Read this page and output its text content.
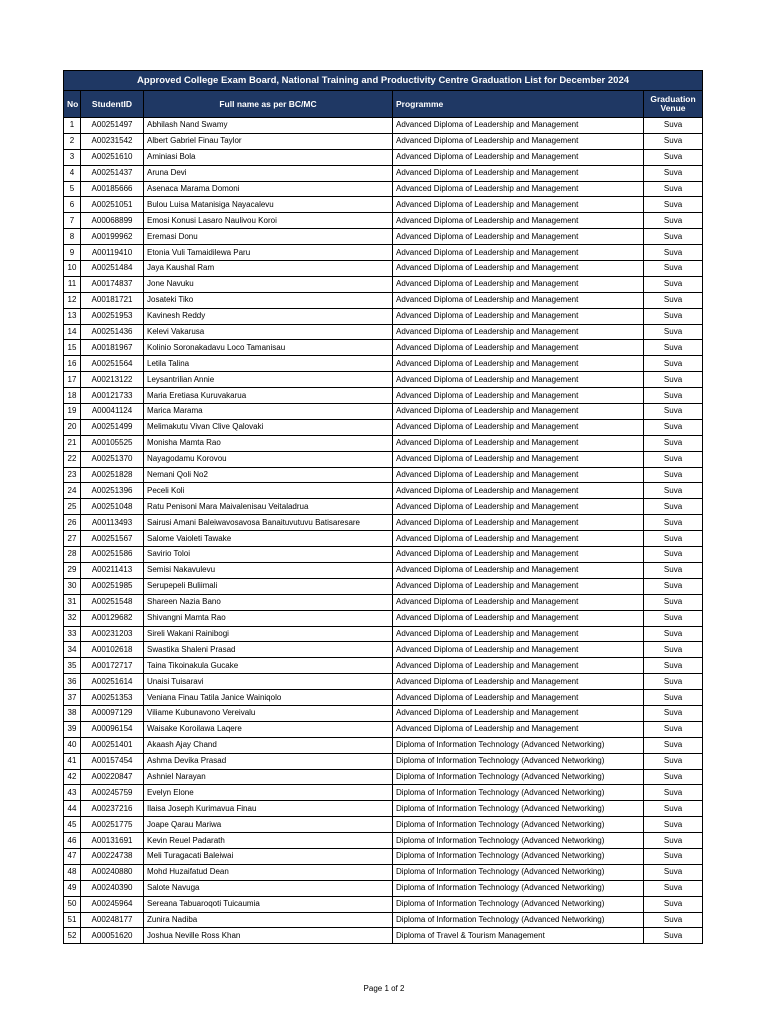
Approved College Exam Board, National Training and Productivity Centre Graduation List for December 2024				
No	StudentID	Full name as per BC/MC	Programme	Graduation Venue
1	A00251497	Abhilash Nand Swamy	Advanced Diploma of Leadership and Management	Suva
2	A00231542	Albert Gabriel Finau Taylor	Advanced Diploma of Leadership and Management	Suva
3	A00251610	Aminiasi Bola	Advanced Diploma of Leadership and Management	Suva
4	A00251437	Aruna Devi	Advanced Diploma of Leadership and Management	Suva
5	A00185666	Asenaca Marama Domoni	Advanced Diploma of Leadership and Management	Suva
6	A00251051	Bulou Luisa Matanisiga Nayacalevu	Advanced Diploma of Leadership and Management	Suva
7	A00068899	Emosi Konusi Lasaro Naulivou Koroi	Advanced Diploma of Leadership and Management	Suva
8	A00199962	Eremasi Donu	Advanced Diploma of Leadership and Management	Suva
9	A00119410	Etonia Vuli Tamaidilewa Paru	Advanced Diploma of Leadership and Management	Suva
10	A00251484	Jaya Kaushal Ram	Advanced Diploma of Leadership and Management	Suva
11	A00174837	Jone Navuku	Advanced Diploma of Leadership and Management	Suva
12	A00181721	Josateki Tiko	Advanced Diploma of Leadership and Management	Suva
13	A00251953	Kavinesh Reddy	Advanced Diploma of Leadership and Management	Suva
14	A00251436	Kelevi Vakarusa	Advanced Diploma of Leadership and Management	Suva
15	A00181967	Kolinio Soronakadavu Loco Tamanisau	Advanced Diploma of Leadership and Management	Suva
16	A00251564	Letila Talina	Advanced Diploma of Leadership and Management	Suva
17	A00213122	Leysantrilian Annie	Advanced Diploma of Leadership and Management	Suva
18	A00121733	Maria Eretiasa Kuruvakarua	Advanced Diploma of Leadership and Management	Suva
19	A00041124	Marica Marama	Advanced Diploma of Leadership and Management	Suva
20	A00251499	Melimakutu Vivan Clive Qalovaki	Advanced Diploma of Leadership and Management	Suva
21	A00105525	Monisha Mamta Rao	Advanced Diploma of Leadership and Management	Suva
22	A00251370	Nayagodamu Korovou	Advanced Diploma of Leadership and Management	Suva
23	A00251828	Nemani Qoli No2	Advanced Diploma of Leadership and Management	Suva
24	A00251396	Peceli Koli	Advanced Diploma of Leadership and Management	Suva
25	A00251048	Ratu Penisoni Mara Maivalenisau Veitaladrua	Advanced Diploma of Leadership and Management	Suva
26	A00113493	Sairusi Amani Baleiwavosavosa Banaituvutuvu Batisaresare	Advanced Diploma of Leadership and Management	Suva
27	A00251567	Salome Vaioleti Tawake	Advanced Diploma of Leadership and Management	Suva
28	A00251586	Savirio Toloi	Advanced Diploma of Leadership and Management	Suva
29	A00211413	Semisi Nakavulevu	Advanced Diploma of Leadership and Management	Suva
30	A00251985	Serupepeli Buliimali	Advanced Diploma of Leadership and Management	Suva
31	A00251548	Shareen Nazia Bano	Advanced Diploma of Leadership and Management	Suva
32	A00129682	Shivangni Mamta Rao	Advanced Diploma of Leadership and Management	Suva
33	A00231203	Sireli Wakani Rainibogi	Advanced Diploma of Leadership and Management	Suva
34	A00102618	Swastika Shaleni Prasad	Advanced Diploma of Leadership and Management	Suva
35	A00172717	Taina Tikoinakula Gucake	Advanced Diploma of Leadership and Management	Suva
36	A00251614	Unaisi Tuisaravi	Advanced Diploma of Leadership and Management	Suva
37	A00251353	Veniana Finau Tatila Janice Wainiqolo	Advanced Diploma of Leadership and Management	Suva
38	A00097129	Viliame Kubunavono Vereivalu	Advanced Diploma of Leadership and Management	Suva
39	A00096154	Waisake Koroilawa Laqere	Advanced Diploma of Leadership and Management	Suva
40	A00251401	Akaash Ajay Chand	Diploma of Information Technology (Advanced Networking)	Suva
41	A00157454	Ashma Devika Prasad	Diploma of Information Technology (Advanced Networking)	Suva
42	A00220847	Ashniel Narayan	Diploma of Information Technology (Advanced Networking)	Suva
43	A00245759	Evelyn Elone	Diploma of Information Technology (Advanced Networking)	Suva
44	A00237216	Ilaisa Joseph Kurimavua Finau	Diploma of Information Technology (Advanced Networking)	Suva
45	A00251775	Joape Qarau Mariwa	Diploma of Information Technology (Advanced Networking)	Suva
46	A00131691	Kevin Reuel Padarath	Diploma of Information Technology (Advanced Networking)	Suva
47	A00224738	Meli Turagacati Baleiwai	Diploma of Information Technology (Advanced Networking)	Suva
48	A00240880	Mohd Huzaifatud Dean	Diploma of Information Technology (Advanced Networking)	Suva
49	A00240390	Salote Navuga	Diploma of Information Technology (Advanced Networking)	Suva
50	A00245964	Sereana Tabuaroqoti Tuicaumia	Diploma of Information Technology (Advanced Networking)	Suva
51	A00248177	Zunira Nadiba	Diploma of Information Technology (Advanced Networking)	Suva
52	A00051620	Joshua Neville Ross Khan	Diploma of Travel & Tourism Management	Suva
Page 1 of 2
